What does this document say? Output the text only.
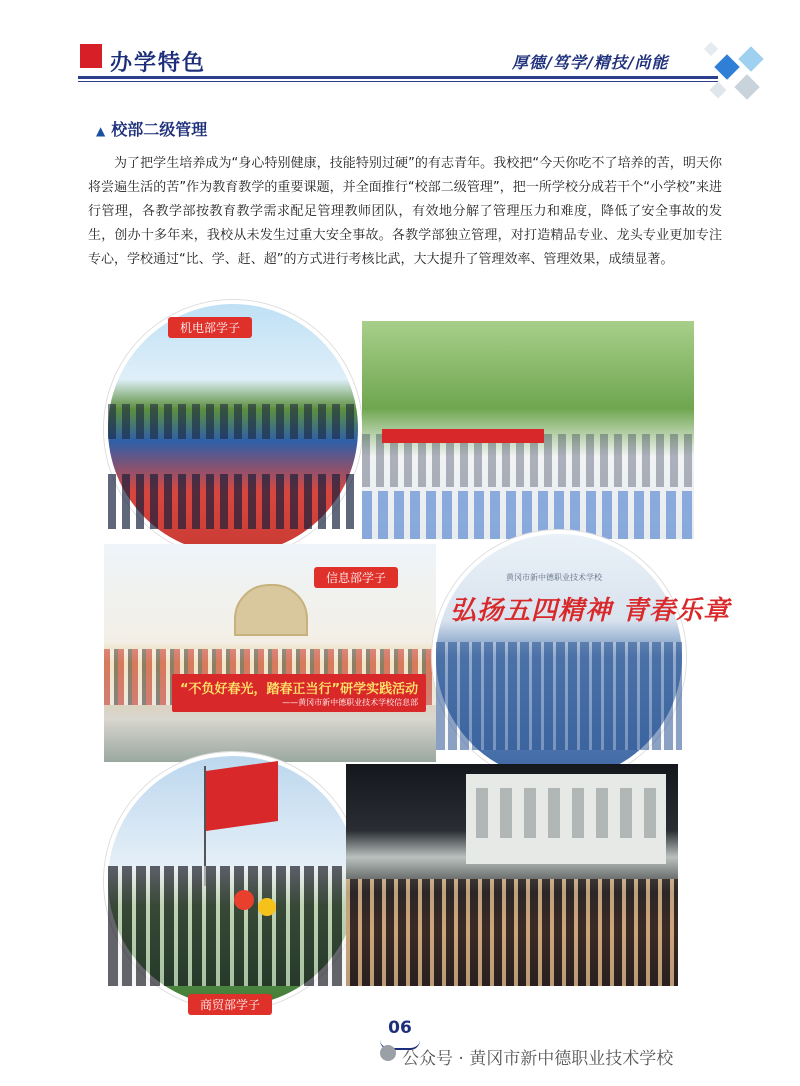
办学特色	厚德/笃学/精技/尚能
▲ 校部二级管理
为了把学生培养成为“身心特别健康，技能特别过硬”的有志青年。我校把“今天你吃不了培养的苦，明天你将尝遍生活的苦”作为教育教学的重要课题，并全面推行“校部二级管理”，把一所学校分成若干个“小学校”来进行管理，各教学部按教育教学需求配足管理教师团队，有效地分解了管理压力和难度，降低了安全事故的发生，创办十多年来，我校从未发生过重大安全事故。各教学部独立管理，对打造精品专业、龙头专业更加专注专心，学校通过“比、学、赶、超”的方式进行考核比武，大大提升了管理效率、管理效果，成绩显著。
机电部学子
“不负好春光，踏春正当行”研学实践活动
——黄冈市新中德职业技术学校信息部
信息部学子
弘扬五四精神 青春乐章
黄冈市新中德职业技术学校
商贸部学子
06
公众号 · 黄冈市新中德职业技术学校
